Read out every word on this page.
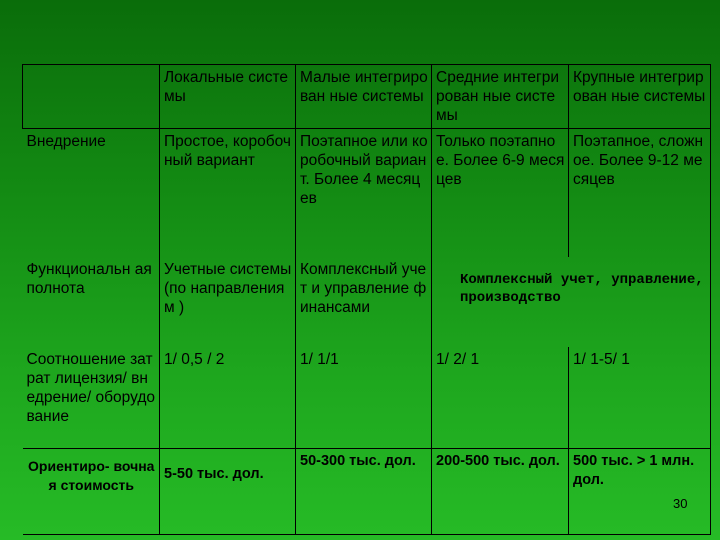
	Локальные системы	Малые интегрирован ные системы	Средние интегрирован ные системы	Крупные интегрирован ные системы
Внедрение	Простое, коробочный вариант	Поэтапное или коробочный вариант. Более 4 месяцев	Только поэтапное. Более 6-9 месяцев	Поэтапное, сложное. Более 9-12 месяцев
Функциональн ая полнота	Учетные системы (по направлениям )	Комплексный учет и управление финансами	Комплексный учет, управление, производство	
Соотношение затрат лицензия/ внедрение/ оборудование	1/ 0,5 / 2	1/ 1/1	1/ 2/ 1	1/ 1-5/ 1
Ориентиро- вочная стоимость	5-50 тыс. дол.	50-300 тыс. дол.	200-500 тыс. дол.	500 тыс. > 1 млн. дол.
30
